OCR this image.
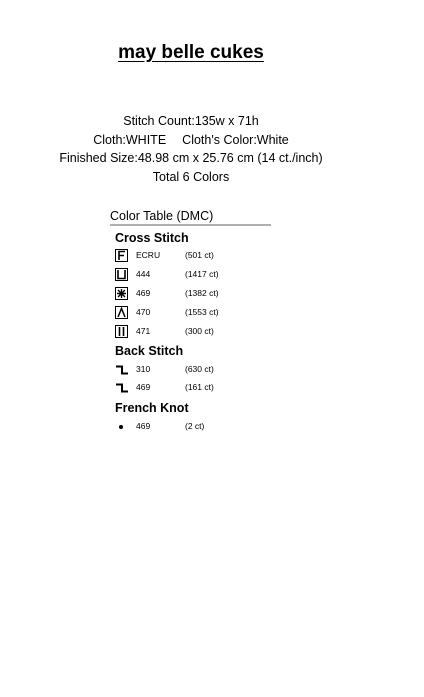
may belle cukes
Stitch Count:135w x 71h
Cloth:WHITE Cloth's Color:White
Finished Size:48.98 cm x 25.76 cm (14 ct./inch)
Total 6 Colors
Color Table (DMC)
Cross Stitch
ECRU	(501 ct)
444	(1417 ct)
469	(1382 ct)
470	(1553 ct)
471	(300 ct)
Back Stitch
310	(630 ct)
469	(161 ct)
French Knot
469	(2 ct)
